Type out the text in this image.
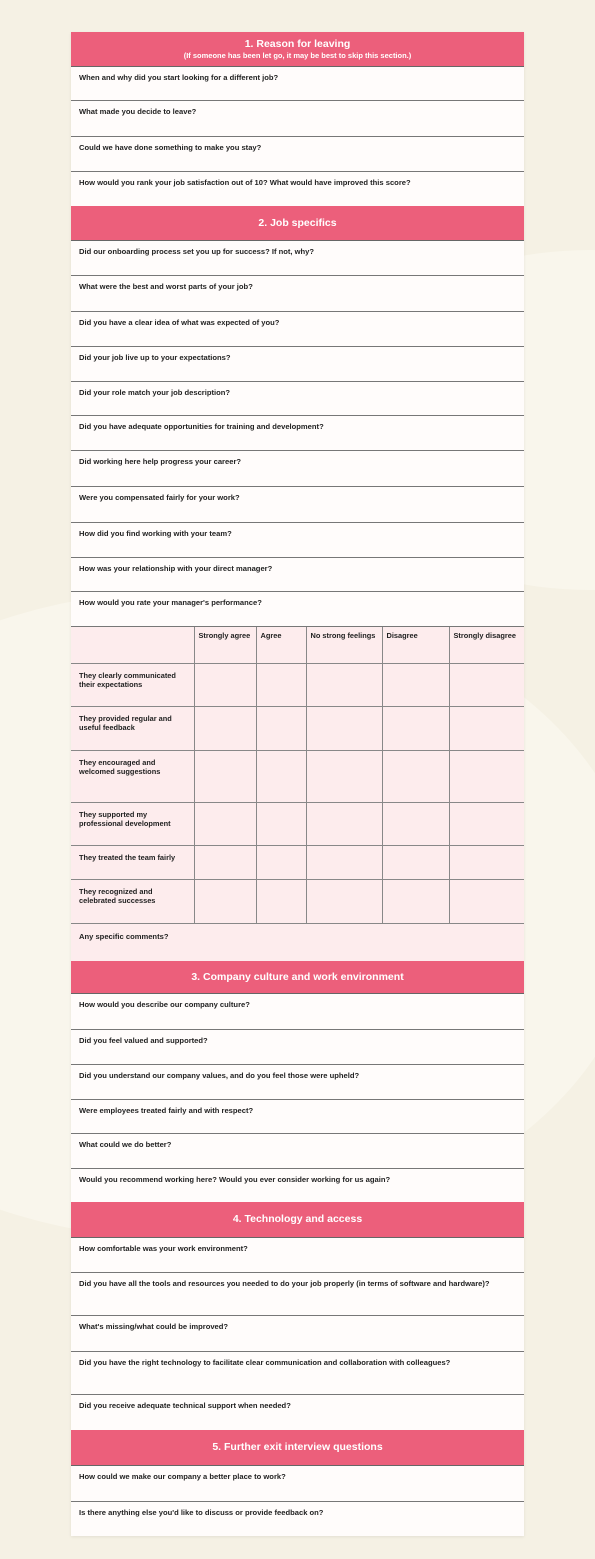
1. Reason for leaving
(If someone has been let go, it may be best to skip this section.)
When and why did you start looking for a different job?
What made you decide to leave?
Could we have done something to make you stay?
How would you rank your job satisfaction out of 10? What would have improved this score?
2. Job specifics
Did our onboarding process set you up for success? If not, why?
What were the best and worst parts of your job?
Did you have a clear idea of what was expected of you?
Did your job live up to your expectations?
Did your role match your job description?
Did you have adequate opportunities for training and development?
Did working here help progress your career?
Were you compensated fairly for your work?
How did you find working with your team?
How was your relationship with your direct manager?
How would you rate your manager's performance?
	Strongly agree	Agree	No strong feelings	Disagree	Strongly disagree
They clearly communicated their expectations					
They provided regular and useful feedback					
They encouraged and welcomed suggestions					
They supported my professional development					
They treated the team fairly					
They recognized and celebrated successes					
Any specific comments?
3. Company culture and work environment
How would you describe our company culture?
Did you feel valued and supported?
Did you understand our company values, and do you feel those were upheld?
Were employees treated fairly and with respect?
What could we do better?
Would you recommend working here? Would you ever consider working for us again?
4. Technology and access
How comfortable was your work environment?
Did you have all the tools and resources you needed to do your job properly (in terms of software and hardware)?
What's missing/what could be improved?
Did you have the right technology to facilitate clear communication and collaboration with colleagues?
Did you receive adequate technical support when needed?
5. Further exit interview questions
How could we make our company a better place to work?
Is there anything else you'd like to discuss or provide feedback on?
